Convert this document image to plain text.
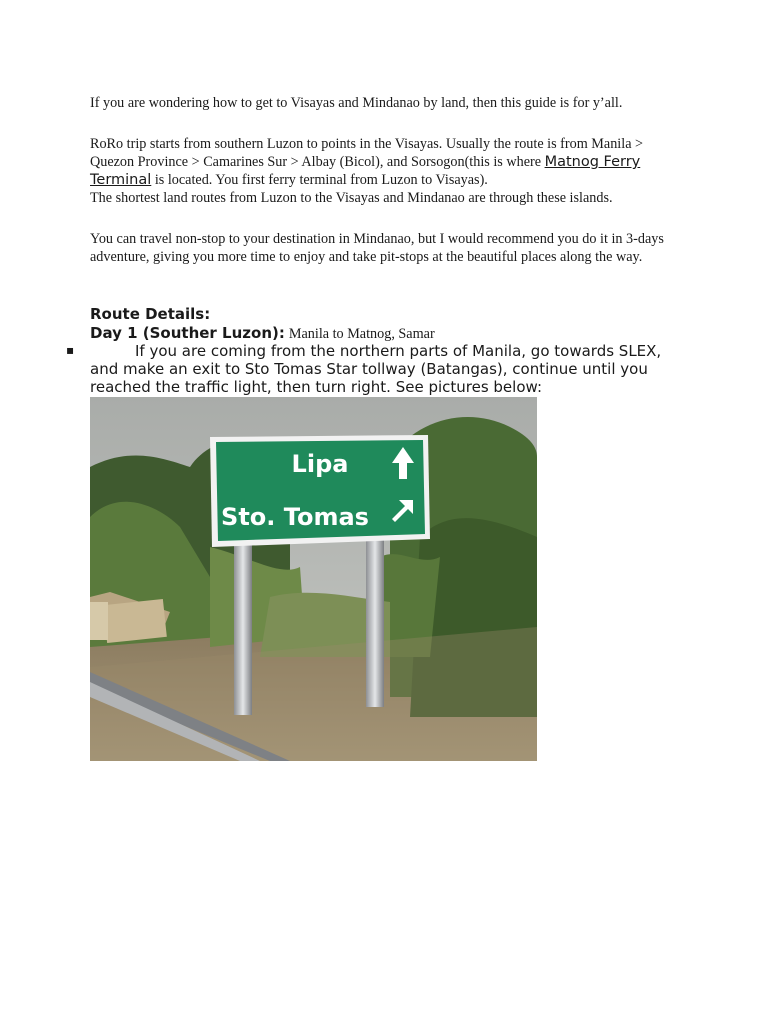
If you are wondering how to get to Visayas and Mindanao by land, then this guide is for y’all.
RoRo trip starts from southern Luzon to points in the Visayas. Usually the route is from Manila > Quezon Province > Camarines Sur > Albay (Bicol), and Sorsogon(this is where Matnog Ferry Terminal is located. You first ferry terminal from Luzon to Visayas).
The shortest land routes from Luzon to the Visayas and Mindanao are through these islands.
You can travel non-stop to your destination in Mindanao, but I would recommend you do it in 3-days adventure, giving you more time to enjoy and take pit-stops at the beautiful places along the way.
Route Details:
Day 1 (Souther Luzon): Manila to Matnog, Samar
▪	If you are coming from the northern parts of Manila, go towards SLEX, and make an exit to Sto Tomas Star tollway (Batangas), continue until you reached the traffic light, then turn right. See pictures below:
Lipa
Sto. Tomas
